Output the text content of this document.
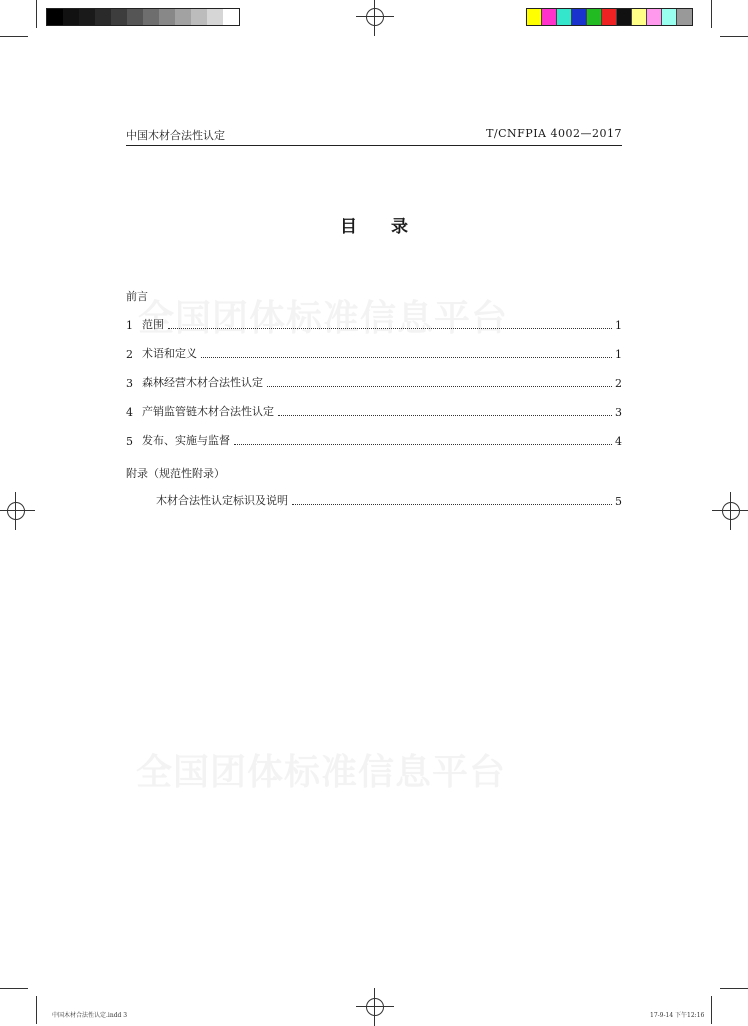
中国木材合法性认定	T/CNFPIA 4002—2017
目 录
前言
1 范围	1
2 术语和定义	1
3 森林经营木材合法性认定	2
4 产销监管链木材合法性认定	3
5 发布、实施与监督	4
附录（规范性附录）
木材合法性认定标识及说明	5
中国木材合法性认定.indd 3	17-9-14 下午12:16
